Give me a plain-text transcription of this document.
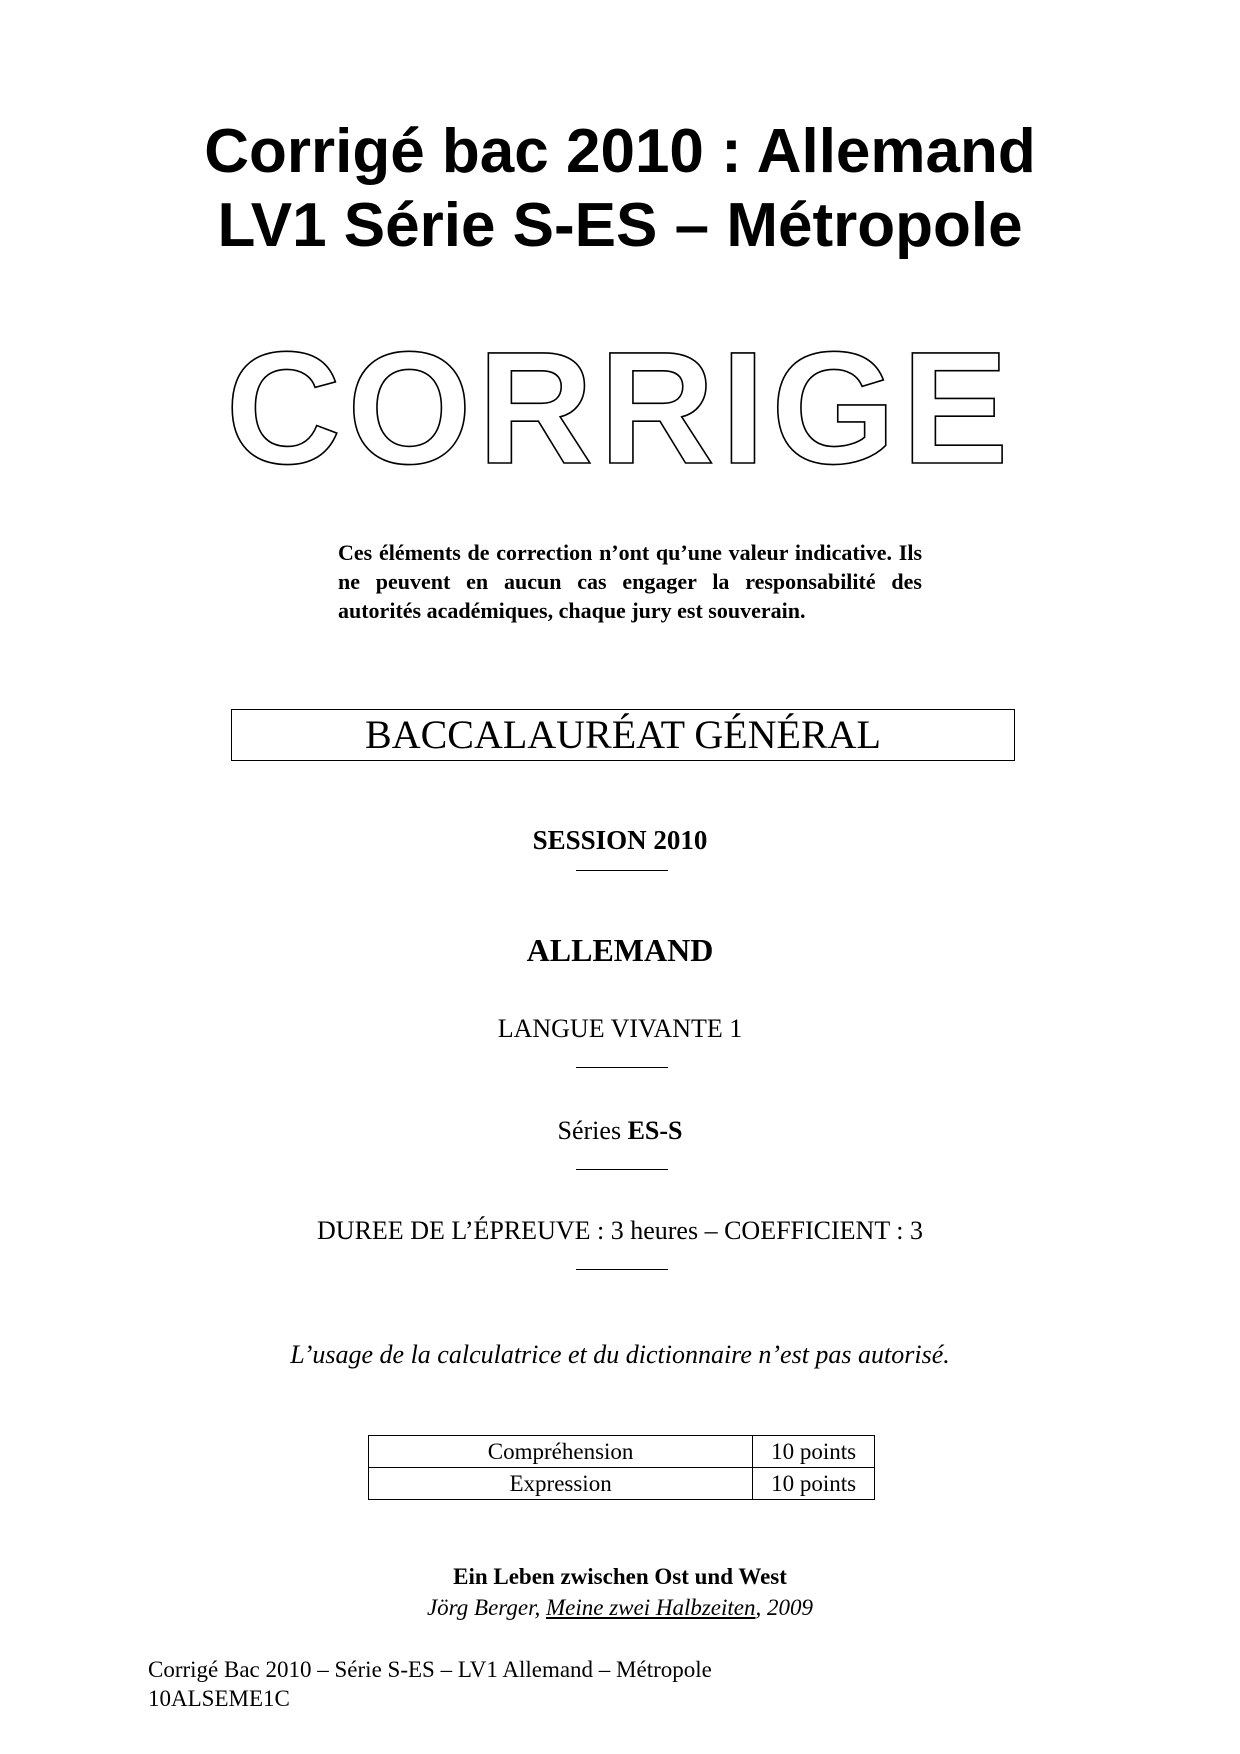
Corrigé bac 2010 : Allemand
LV1 Série S-ES – Métropole
CORRIGE

Ces éléments de correction n’ont qu’une valeur indicative. Ils ne peuvent en aucun cas engager la responsabilité des autorités académiques, chaque jury est souverain.

BACCALAURÉAT GÉNÉRAL

SESSION 2010

ALLEMAND

LANGUE VIVANTE 1

Séries ES-S

DUREE DE L’ÉPREUVE : 3 heures – COEFFICIENT : 3

L’usage de la calculatrice et du dictionnaire n’est pas autorisé.

Compréhension	10 points
Expression	10 points

Ein Leben zwischen Ost und West

Jörg Berger, Meine zwei Halbzeiten, 2009

Corrigé Bac 2010 – Série S-ES – LV1 Allemand – Métropole
10ALSEME1C
